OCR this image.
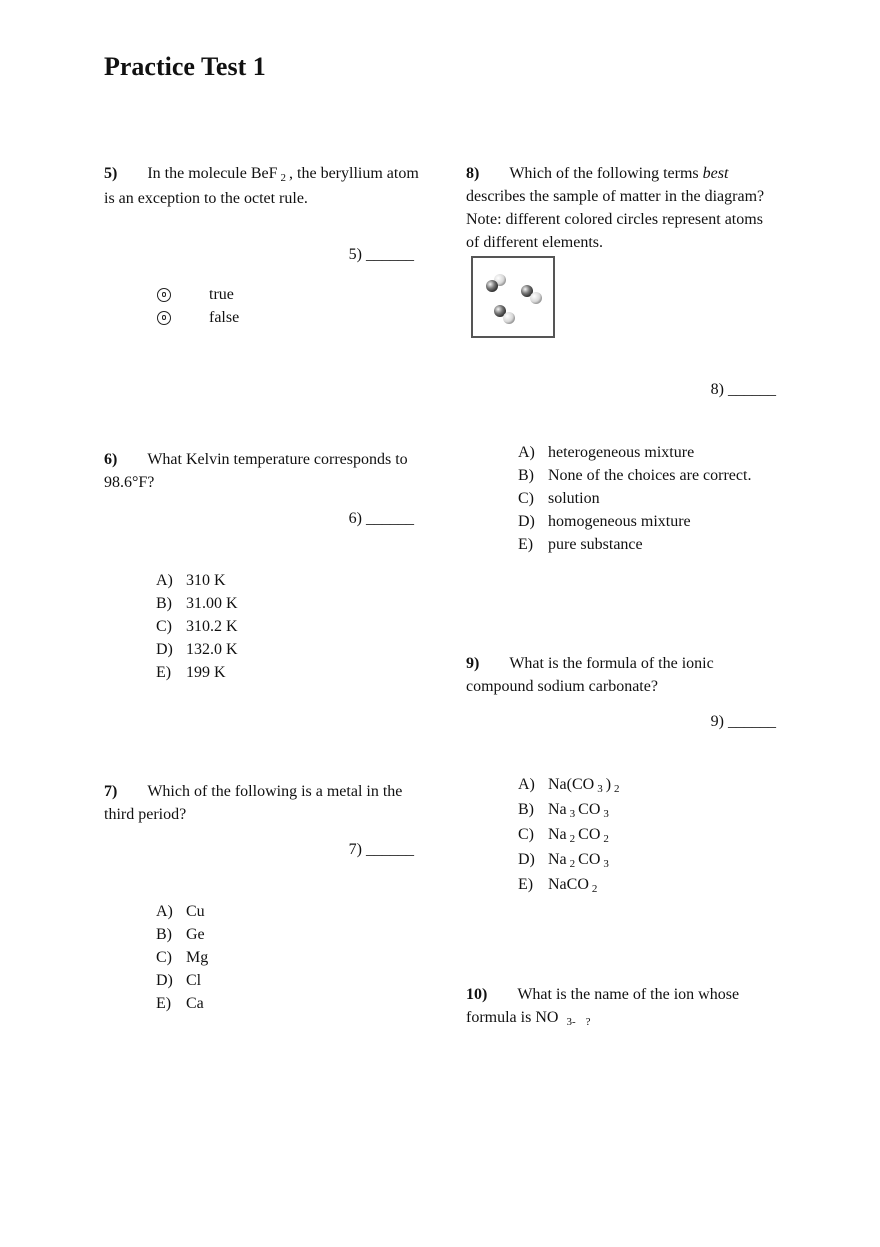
Practice Test 1
5) In the molecule BeF 2 , the beryllium atom is an exception to the octet rule.
5) ______
true
false
6) What Kelvin temperature corresponds to 98.6°F?
6) ______
A) 310 K
B) 31.00 K
C) 310.2 K
D) 132.0 K
E) 199 K
7) Which of the following is a metal in the third period?
7) ______
A) Cu
B) Ge
C) Mg
D) Cl
E) Ca
8) Which of the following terms best describes the sample of matter in the diagram? Note: different colored circles represent atoms of different elements.
8) ______
A) heterogeneous mixture
B) None of the choices are correct.
C) solution
D) homogeneous mixture
E) pure substance
9) What is the formula of the ionic compound sodium carbonate?
9) ______
A) Na(CO 3 ) 2
B) Na 3 CO 3
C) Na 2 CO 2
D) Na 2 CO 3
E) NaCO 2
10) What is the name of the ion whose formula is NO 3- ?
